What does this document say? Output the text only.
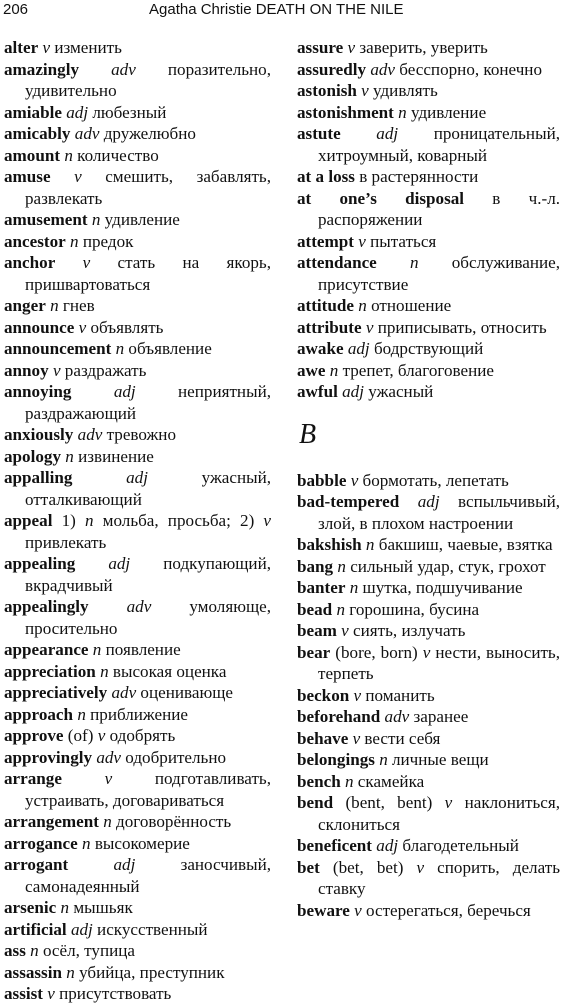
206	Agatha Christie DEATH ON THE NILE

alter v изменить

amazingly adv поразительно, удивительно

amiable adj любезный

amicably adv дружелюбно

amount n количество

amuse v смешить, забавлять, развлекать

amusement n удивление

ancestor n предок

anchor v стать на якорь, пришвартоваться

anger n гнев

announce v объявлять

announcement n объявление

annoy v раздражать

annoying adj неприятный, раздражающий

anxiously adv тревожно

apology n извинение

appalling	adj ужасный, отталкивающий

appeal 1) n мольба, просьба; 2) v привлекать

appealing adj подкупающий, вкрадчивый

appealingly adv умоляюще, просительно

appearance n появление

appreciation n высокая оценка

appreciatively adv оценивающе

approach n приближение

approve (of) v одобрять

approvingly adv одобрительно

arrange v подготавливать, устраивать, договариваться

arrangement n договорённость

arrogance n высокомерие

arrogant	adj заносчивый, самонадеянный

arsenic n мышьяк

artificial adj искусственный

ass n осёл, тупица

assassin n убийца, преступник

assist v присутствовать

assure v заверить, уверить

assuredly adv бесспорно, конечно

astonish v удивлять

astonishment n удивление

astute adj проницательный, хитроумный, коварный

at a loss в растерянности

at one’s disposal в ч.-л. распоряжении

attempt v пытаться

attendance n обслуживание, присутствие

attitude n отношение

attribute v приписывать, относить

awake adj бодрствующий

awe n трепет, благоговение

awful adj ужасный

B

babble v бормотать, лепетать

bad-tempered adj вспыльчивый, злой, в плохом настроении

bakshish n бакшиш, чаевые, взятка

bang n сильный удар, стук, грохот

banter n шутка, подшучивание

bead n горошина, бусина

beam v сиять, излучать

bear (bore, born) v нести, выносить, терпеть

beckon v поманить

beforehand adv заранее

behave v вести себя

belongings n личные вещи

bench n скамейка

bend (bent, bent) v наклониться, склониться

beneficent adj благодетельный

bet (bet, bet) v спорить, делать ставку

beware v остерегаться, беречься
